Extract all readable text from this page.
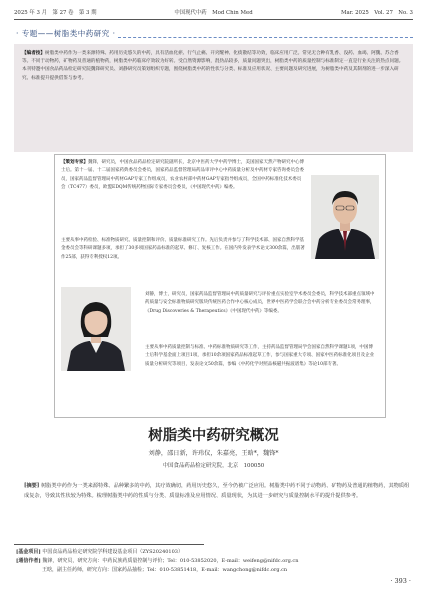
2025 年 3 月　第 27 卷　第 3 期	中国现代中药　Mod Chin Med	Mar. 2025　Vol. 27　No. 3
· 专题——树脂类中药研究 ·
【编者按】树脂类中药作为一类来源特殊、药用历史悠久的中药，具有活血化瘀、行气止痛、开窍醒神、化痰散结等功效，临床应用广泛。常见无合种有乳香、没药、血竭、阿魏、苏合香等。不同于动物药，矿物药及普通的植物药，树脂类中药临床疗效较为好转。受自然资源影响，混伪品较多，质量问题突出，树脂类中药的质量控制与标准制定一直是行业关注的热点问题。本刊特邀中国食品药品检定研究院魏锋研究员、刘静研究员策划组织专题，围绕树脂类中药的性状与分类、标准及应用状况、主要问题及研究进展，为树脂类中药及其制剂的进一步深入研究、标准提升提供借鉴与参考。
【策划专家】魏锋，研究员，中国食品药品检定研究院副所长，北京中医药大学中药学博士，美国国家天然产物研究中心博士后。第十一届、十二届国家药典委员会委员，国家药品监督管理局药品审评中心中药质量分析及中药材专家咨询委员会委员，国家药品监督管理局中药材GAP专家工作组成员，农业农村部中药材GAP专家指导组成员，全国中药标准化技术委员会（TC477）委员，欧盟EDQM传统药物国际专家委员会委员，《中国现代中药》编委。
主要从事中药检验、标准物质研究、质量控制和评价、质量标准研究工作。先后负责并参与了科学技术部、国家自然科学基金委员会等科研课题多项，承担了30多项国家药品标准的起草、修订、复核工作。在国内外发表学术论文300余篇，出版著作25部，获得专利授权12项。
刘静，博士，研究员，国家药品监督管理局中药质量研究与评价重点实验室学术委员会委员，科学技术部重点领域中药质量与安全标准物质研究版块传统医药合作中心核心成员，世界中医药学会联合会中药分析专业委员会常务理事，《Drug Discoveries & Therapeutics》《中国现代中药》等编委。
主要从事中药质量控制与标准、中药标准物质研究等工作，主持药品监督管理局学会国家自然科学课题1项，中国博士后科学基金面上项目1项，承担10余项国家药品标准起草工作，参与国家重大专项、国家中医药标准化项目及企业质量分析研究等项目，发表论文50余篇，参编《中药化学对照品核磁共振波谱集》等论10部专著。
树脂类中药研究概况
刘静，邵日新，许玮仪，朱嘉亮，王晗*，魏锋*
中国食品药品检定研究院，北京　100050
[摘要] 树脂类中药作为一类来源特殊、品种繁多的中药，其疗效确切，药用历史悠久，至今仍被广泛应用。树脂类中药不同于动物药、矿物药及普通的植物药，其物质组成复杂，导致其性状较为特殊。梳理树脂类中药的性质与分类、质量标准及应用情况、质量现状，为其进一步研究与质量控制水平的提升提供参考。
[基金项目] 中国食品药品检定研究院学科建设基金项目（ZYS20240103）
[通信作者] 魏锋，研究员，研究方向：中药民族药质量控制与评价；Tel：010-53852020，E-mail：weifeng@nifdc.org.cn
王晗，副主任药师，研究方向：国家药品抽检；Tel：010-53851418，E-mail：wangchong@nifdc.org.cn
· 393 ·
